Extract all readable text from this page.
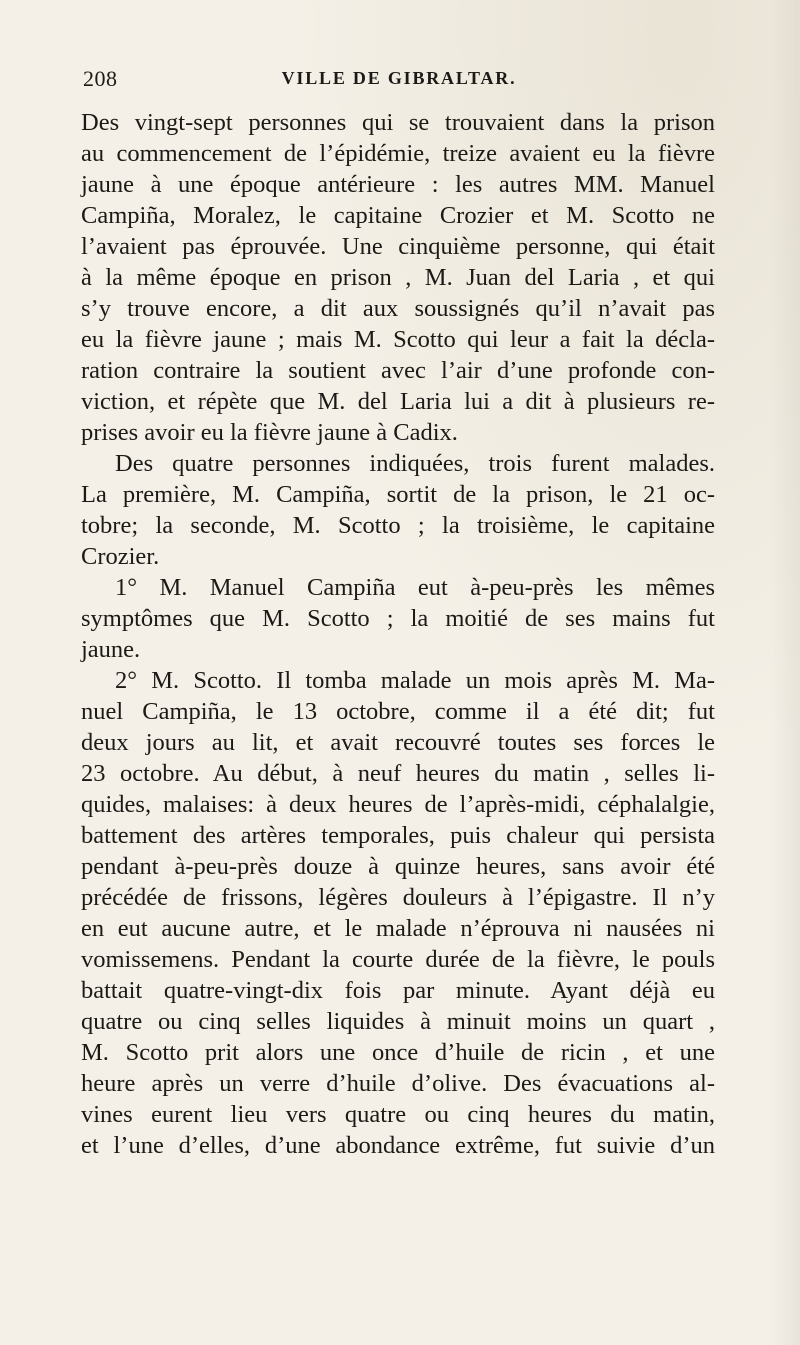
208	VILLE DE GIBRALTAR.
Des vingt-sept personnes qui se trouvaient dans la prison
au commencement de l’épidémie, treize avaient eu la fièvre
jaune à une époque antérieure : les autres MM. Manuel
Campiña, Moralez, le capitaine Crozier et M. Scotto ne
l’avaient pas éprouvée. Une cinquième personne, qui était
à la même époque en prison , M. Juan del Laria , et qui
s’y trouve encore, a dit aux soussignés qu’il n’avait pas
eu la fièvre jaune ; mais M. Scotto qui leur a fait la décla-
ration contraire la soutient avec l’air d’une profonde con-
viction, et répète que M. del Laria lui a dit à plusieurs re-
prises avoir eu la fièvre jaune à Cadix.
Des quatre personnes indiquées, trois furent malades.
La première, M. Campiña, sortit de la prison, le 21 oc-
tobre; la seconde, M. Scotto ; la troisième, le capitaine
Crozier.
1° M. Manuel Campiña eut à-peu-près les mêmes
symptômes que M. Scotto ; la moitié de ses mains fut
jaune.
2° M. Scotto. Il tomba malade un mois après M. Ma-
nuel Campiña, le 13 octobre, comme il a été dit; fut
deux jours au lit, et avait recouvré toutes ses forces le
23 octobre. Au début, à neuf heures du matin , selles li-
quides, malaises: à deux heures de l’après-midi, céphalalgie,
battement des artères temporales, puis chaleur qui persista
pendant à-peu-près douze à quinze heures, sans avoir été
précédée de frissons, légères douleurs à l’épigastre. Il n’y
en eut aucune autre, et le malade n’éprouva ni nausées ni
vomissemens. Pendant la courte durée de la fièvre, le pouls
battait quatre-vingt-dix fois par minute. Ayant déjà eu
quatre ou cinq selles liquides à minuit moins un quart ,
M. Scotto prit alors une once d’huile de ricin , et une
heure après un verre d’huile d’olive. Des évacuations al-
vines eurent lieu vers quatre ou cinq heures du matin,
et l’une d’elles, d’une abondance extrême, fut suivie d’un
